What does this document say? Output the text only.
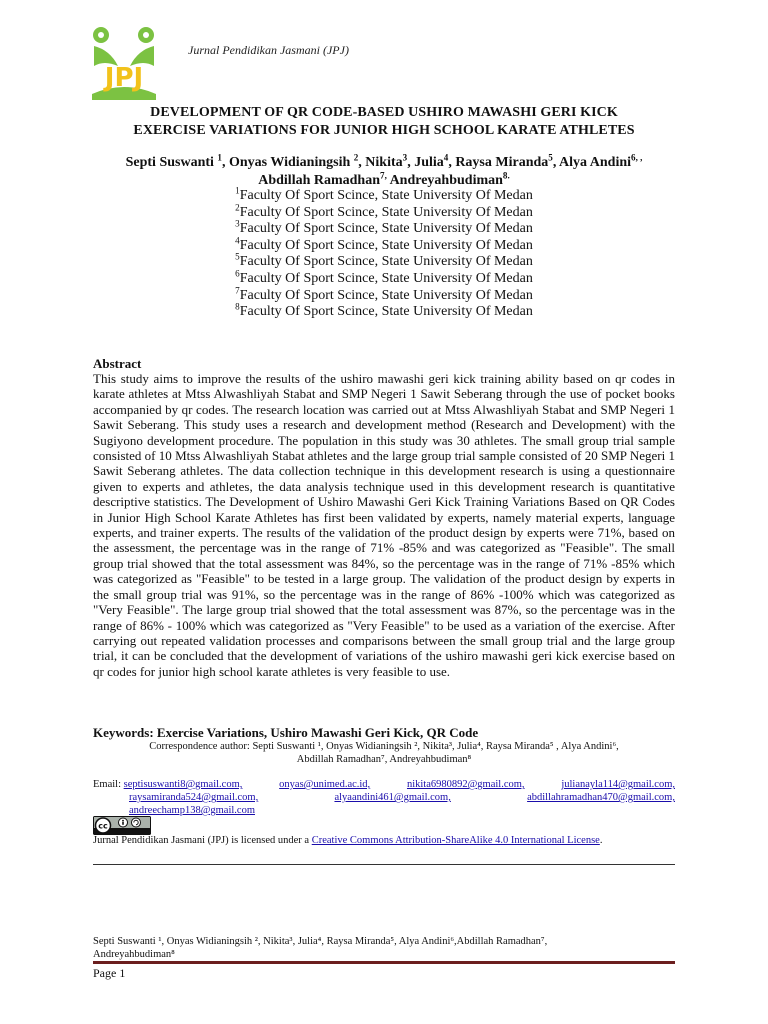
JPJ
Jurnal Pendidikan Jasmani (JPJ)
DEVELOPMENT OF QR CODE-BASED USHIRO MAWASHI GERI KICK
EXERCISE VARIATIONS FOR JUNIOR HIGH SCHOOL KARATE ATHLETES
Septi Suswanti $^1$, Onyas Widianingsih $^2$, Nikita$^3$, Julia$^4$, Raysa Miranda$^5$, Alya Andini$^{6, ,}$
Abdillah Ramadhan$^{7,}$ Andreyahbudiman$^{8.}$
$^1$Faculty Of Sport Scince, State University Of Medan
$^2$Faculty Of Sport Scince, State University Of Medan
$^3$Faculty Of Sport Scince, State University Of Medan
$^4$Faculty Of Sport Scince, State University Of Medan
$^5$Faculty Of Sport Scince, State University Of Medan
$^6$Faculty Of Sport Scince, State University Of Medan
$^7$Faculty Of Sport Scince, State University Of Medan
$^8$Faculty Of Sport Scince, State University Of Medan
Abstract

This study aims to improve the results of the ushiro mawashi geri kick training ability based on qr codes in karate athletes at Mtss Alwashliyah Stabat and SMP Negeri 1 Sawit Seberang through the use of pocket books accompanied by qr codes. The research location was carried out at Mtss Alwashliyah Stabat and SMP Negeri 1 Sawit Seberang. This study uses a research and development method (Research and Development) with the Sugiyono development procedure. The population in this study was 30 athletes. The small group trial sample consisted of 10 Mtss Alwashliyah Stabat athletes and the large group trial sample consisted of 20 SMP Negeri 1 Sawit Seberang athletes. The data collection technique in this development research is using a questionnaire given to experts and athletes, the data analysis technique used in this development research is quantitative descriptive statistics. The Development of Ushiro Mawashi Geri Kick Training Variations Based on QR Codes in Junior High School Karate Athletes has first been validated by experts, namely material experts, language experts, and trainer experts. The results of the validation of the product design by experts were 71%, based on the assessment, the percentage was in the range of 71% -85% and was categorized as "Feasible". The small group trial showed that the total assessment was 84%, so the percentage was in the range of 71% -85% which was categorized as "Feasible" to be tested in a large group. The validation of the product design by experts in the small group trial was 91%, so the percentage was in the range of 86% -100% which was categorized as "Very Feasible". The large group trial showed that the total assessment was 87%, so the percentage was in the range of 86% - 100% which was categorized as "Very Feasible" to be used as a variation of the exercise. After carrying out repeated validation processes and comparisons between the small group trial and the large group trial, it can be concluded that the development of variations of the ushiro mawashi geri kick exercise based on qr codes for junior high school karate athletes is very feasible to use.

Keywords: Exercise Variations, Ushiro Mawashi Geri Kick, QR Code
Correspondence author: Septi Suswanti ¹, Onyas Widianingsih ², Nikita³, Julia⁴, Raysa Miranda⁵ , Alya Andini⁶,
Abdillah Ramadhan⁷, Andreyahbudiman⁸
Email: septisuswanti8@gmail.com,	onyas@unimed.ac.id,	nikita6980892@gmail.com,	julianayla114@gmail.com,
raysamiranda524@gmail.com,	alyaandini461@gmail.com,	abdillahramadhan470@gmail.com,
andreechamp138@gmail.com
cc
Jurnal Pendidikan Jasmani (JPJ) is licensed under a Creative Commons Attribution-ShareAlike 4.0 International License.
Septi Suswanti ¹, Onyas Widianingsih ², Nikita³, Julia⁴, Raysa Miranda⁵, Alya Andini⁶,Abdillah Ramadhan⁷,
Andreyahbudiman⁸
Page 1
